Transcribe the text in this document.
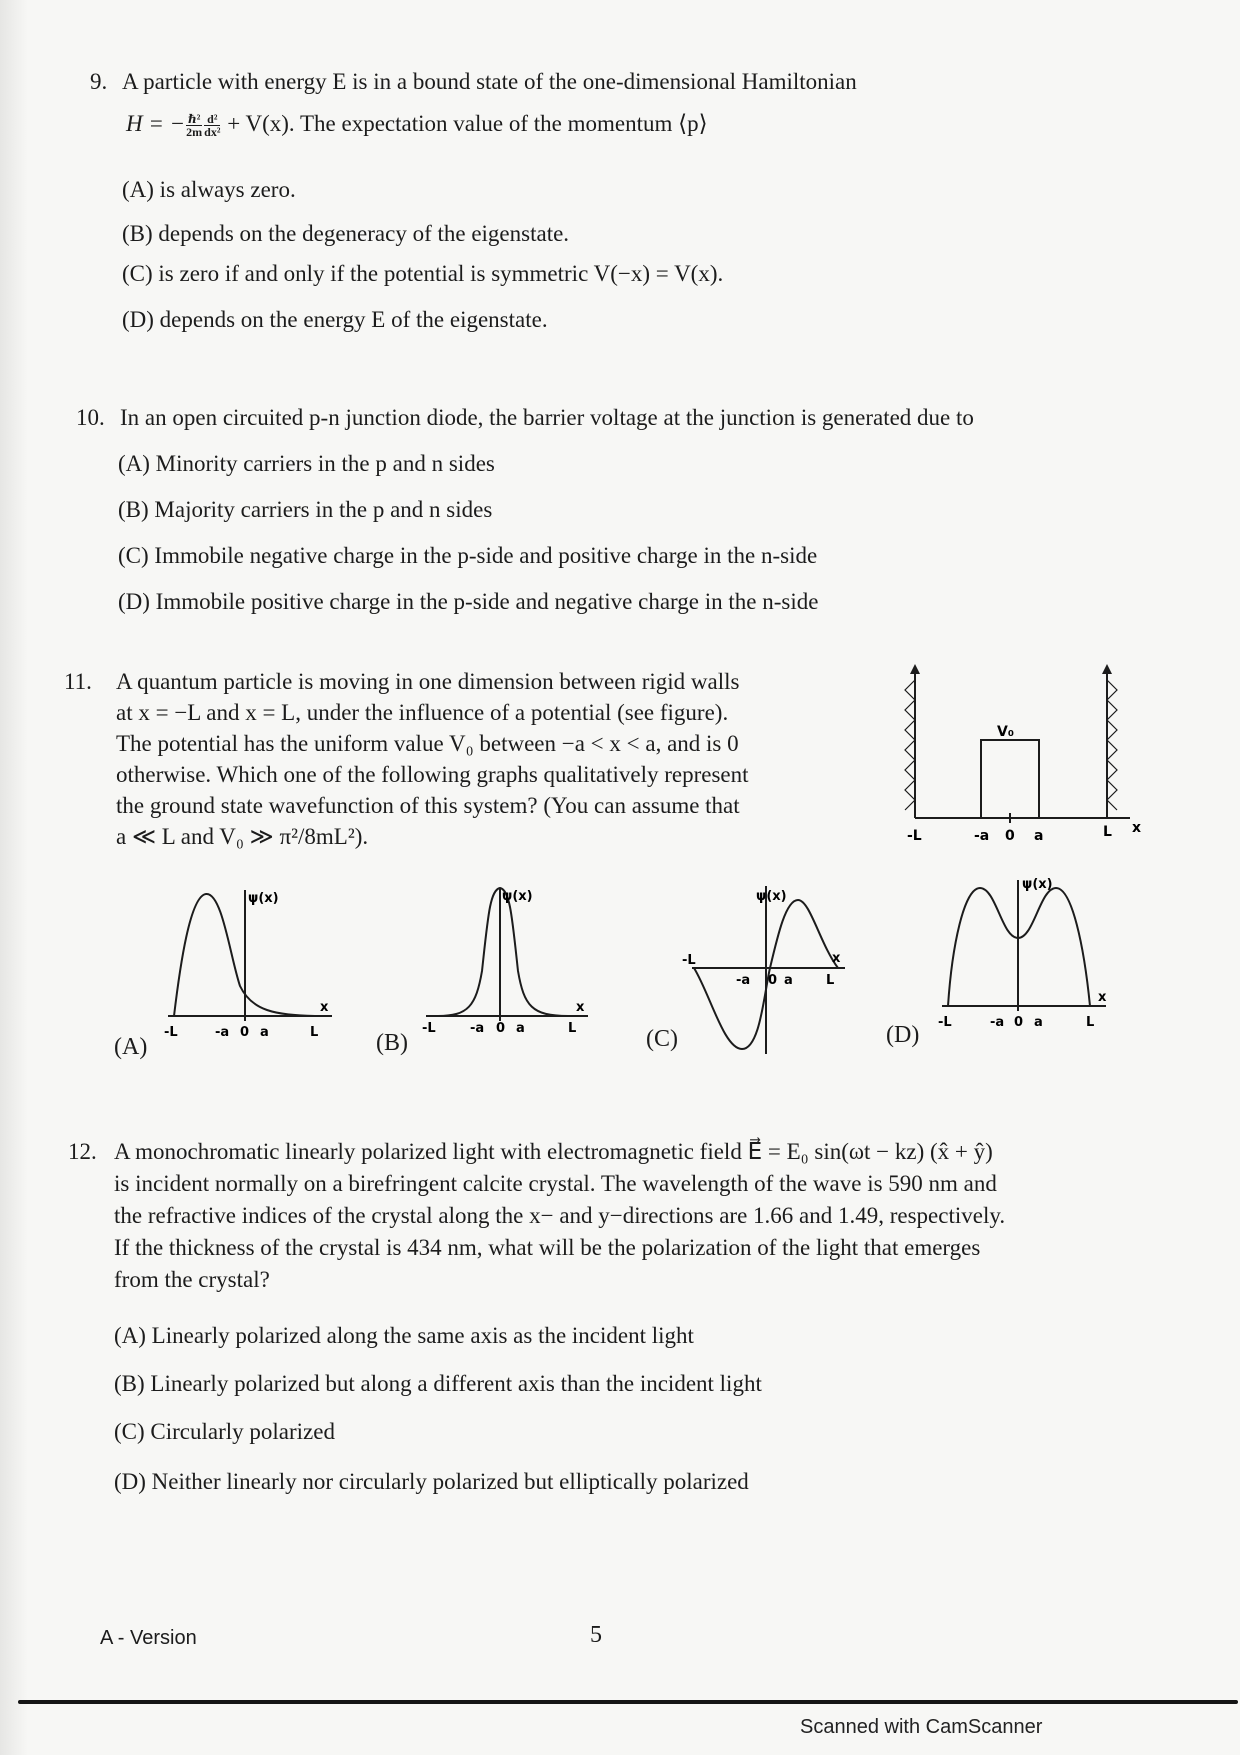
9. A particle with energy E is in a bound state of the one-dimensional Hamiltonian
H = − $\frac{\text{ℏ²}}{2m} \frac{\text{d²}}{\text{dx²}} + V(x)$. The expectation value of the momentum ⟨p⟩
(A) is always zero.
(B) depends on the degeneracy of the eigenstate.
(C) is zero if and only if the potential is symmetric V(−x) = V(x).
(D) depends on the energy E of the eigenstate.
10. In an open circuited p-n junction diode, the barrier voltage at the junction is generated due to
(A) Minority carriers in the p and n sides
(B) Majority carriers in the p and n sides
(C) Immobile negative charge in the p-side and positive charge in the n-side
(D) Immobile positive charge in the p-side and negative charge in the n-side
11. A quantum particle is moving in one dimension between rigid walls
at x = −L and x = L, under the influence of a potential (see figure).
The potential has the uniform value V₀ between −a < x < a, and is 0
otherwise. Which one of the following graphs qualitatively represent
the ground state wavefunction of this system? (You can assume that
a ≪ L and V₀ ≫ π²/8mL²).
V₀
-L	-a 0 a	L x
(A)
ψ(x)
x
-L	-a 0 a	L (B)
ψ(x)
x
-L	-a 0 a	L	(C)
ψ(x)
x
-L
-a 0 a	L
(D)
ψ(x)
x
-L	-a 0 a	L
12. A monochromatic linearly polarized light with electromagnetic field E⃗ = E₀ sin(ωt − kz) (x̂ + ŷ)
is incident normally on a birefringent calcite crystal. The wavelength of the wave is 590 nm and
the refractive indices of the crystal along the x− and y−directions are 1.66 and 1.49, respectively.
If the thickness of the crystal is 434 nm, what will be the polarization of the light that emerges
from the crystal?
(A) Linearly polarized along the same axis as the incident light
(B) Linearly polarized but along a different axis than the incident light
(C) Circularly polarized
(D) Neither linearly nor circularly polarized but elliptically polarized
A - Version	5
Scanned with CamScanner
